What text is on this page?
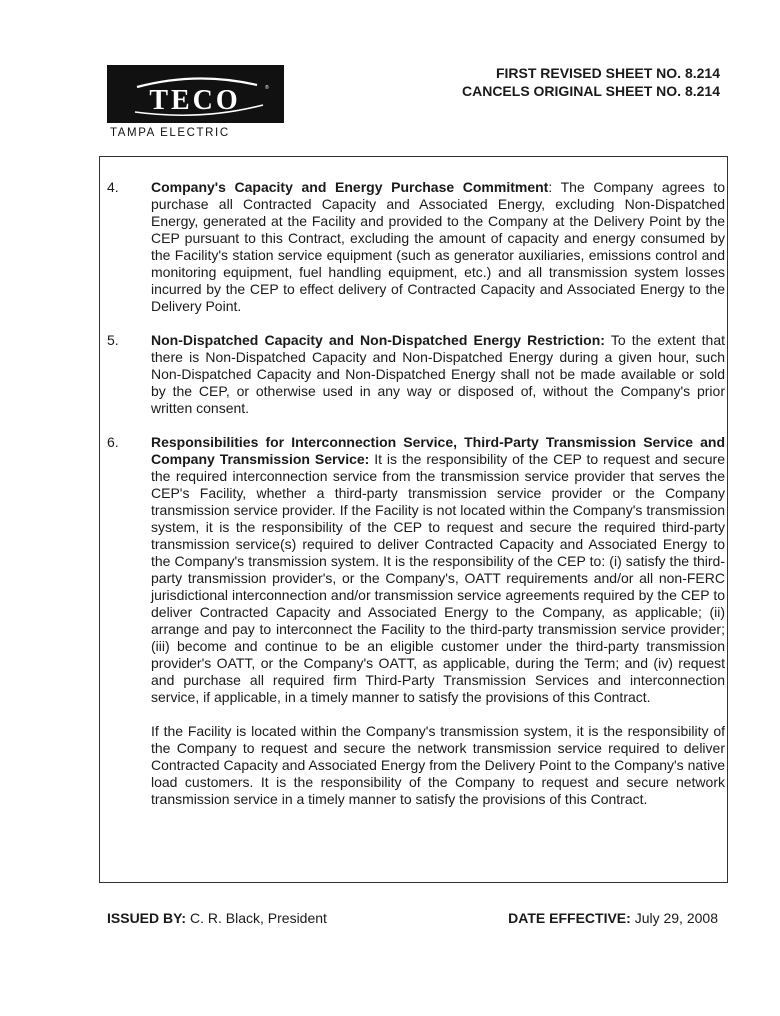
TECO	®
TAMPA ELECTRIC
FIRST REVISED SHEET NO. 8.214
CANCELS ORIGINAL SHEET NO. 8.214
4. Company's Capacity and Energy Purchase Commitment: The Company agrees to purchase all Contracted Capacity and Associated Energy, excluding Non-Dispatched Energy, generated at the Facility and provided to the Company at the Delivery Point by the CEP pursuant to this Contract, excluding the amount of capacity and energy consumed by the Facility's station service equipment (such as generator auxiliaries, emissions control and monitoring equipment, fuel handling equipment, etc.) and all transmission system losses incurred by the CEP to effect delivery of Contracted Capacity and Associated Energy to the Delivery Point.
5. Non-Dispatched Capacity and Non-Dispatched Energy Restriction: To the extent that there is Non-Dispatched Capacity and Non-Dispatched Energy during a given hour, such Non-Dispatched Capacity and Non-Dispatched Energy shall not be made available or sold by the CEP, or otherwise used in any way or disposed of, without the Company's prior written consent.
6. Responsibilities for Interconnection Service, Third-Party Transmission Service and Company Transmission Service: It is the responsibility of the CEP to request and secure the required interconnection service from the transmission service provider that serves the CEP's Facility, whether a third-party transmission service provider or the Company transmission service provider. If the Facility is not located within the Company's transmission system, it is the responsibility of the CEP to request and secure the required third-party transmission service(s) required to deliver Contracted Capacity and Associated Energy to the Company's transmission system. It is the responsibility of the CEP to: (i) satisfy the third-party transmission provider's, or the Company's, OATT requirements and/or all non-FERC jurisdictional interconnection and/or transmission service agreements required by the CEP to deliver Contracted Capacity and Associated Energy to the Company, as applicable; (ii) arrange and pay to interconnect the Facility to the third-party transmission service provider; (iii) become and continue to be an eligible customer under the third-party transmission provider's OATT, or the Company's OATT, as applicable, during the Term; and (iv) request and purchase all required firm Third-Party Transmission Services and interconnection service, if applicable, in a timely manner to satisfy the provisions of this Contract.

If the Facility is located within the Company's transmission system, it is the responsibility of the Company to request and secure the network transmission service required to deliver Contracted Capacity and Associated Energy from the Delivery Point to the Company's native load customers. It is the responsibility of the Company to request and secure network transmission service in a timely manner to satisfy the provisions of this Contract.

ISSUED BY: C. R. Black, President	DATE EFFECTIVE: July 29, 2008
